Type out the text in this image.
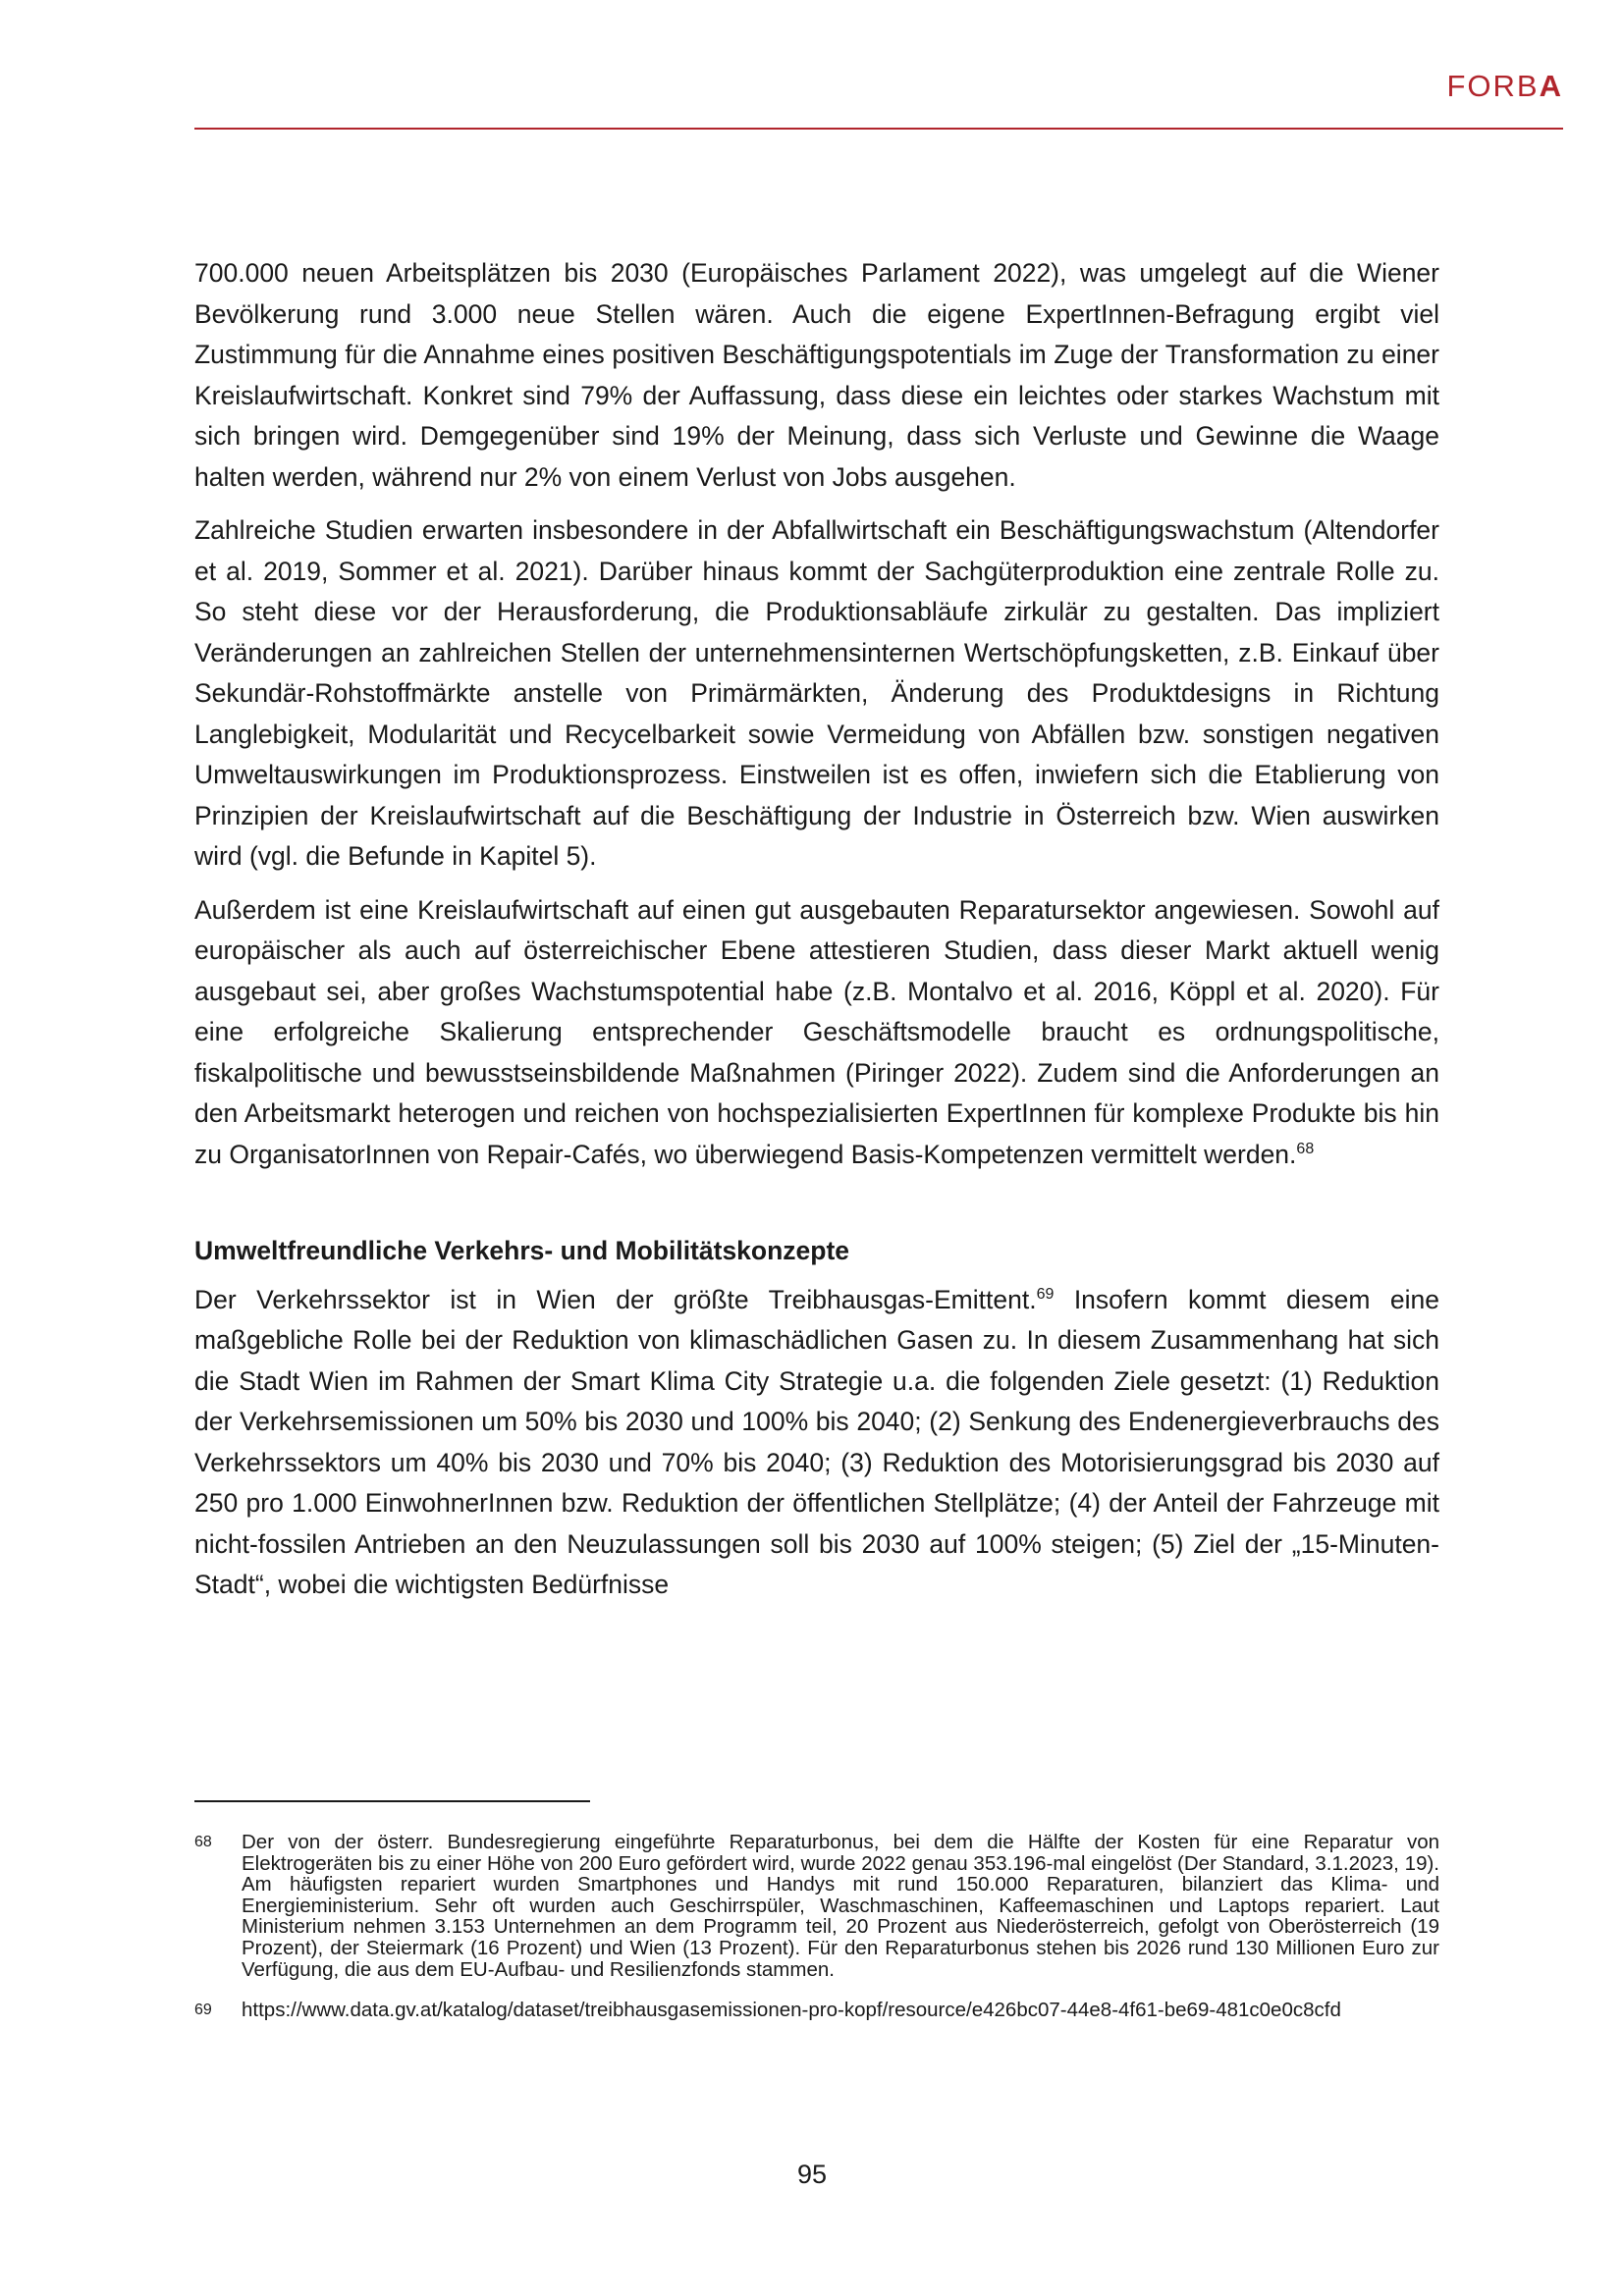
FORBA

700.000 neuen Arbeitsplätzen bis 2030 (Europäisches Parlament 2022), was umgelegt auf die Wiener Bevölkerung rund 3.000 neue Stellen wären. Auch die eigene ExpertInnen-Befragung ergibt viel Zustimmung für die Annahme eines positiven Beschäftigungspotentials im Zuge der Transformation zu einer Kreislaufwirtschaft. Konkret sind 79% der Auffassung, dass diese ein leichtes oder starkes Wachstum mit sich bringen wird. Demgegenüber sind 19% der Meinung, dass sich Verluste und Gewinne die Waage halten werden, während nur 2% von einem Verlust von Jobs ausgehen.

Zahlreiche Studien erwarten insbesondere in der Abfallwirtschaft ein Beschäftigungswachstum (Altendorfer et al. 2019, Sommer et al. 2021). Darüber hinaus kommt der Sachgüterproduktion eine zentrale Rolle zu. So steht diese vor der Herausforderung, die Produktionsabläufe zirkulär zu gestalten. Das impliziert Veränderungen an zahlreichen Stellen der unternehmensinternen Wertschöpfungsketten, z.B. Einkauf über Sekundär-Rohstoffmärkte anstelle von Primärmärkten, Änderung des Produktdesigns in Richtung Langlebigkeit, Modularität und Recycelbarkeit sowie Vermeidung von Abfällen bzw. sonstigen negativen Umweltauswirkungen im Produktionsprozess. Einstweilen ist es offen, inwiefern sich die Etablierung von Prinzipien der Kreislaufwirtschaft auf die Beschäftigung der Industrie in Österreich bzw. Wien auswirken wird (vgl. die Befunde in Kapitel 5).

Außerdem ist eine Kreislaufwirtschaft auf einen gut ausgebauten Reparatursektor angewiesen. Sowohl auf europäischer als auch auf österreichischer Ebene attestieren Studien, dass dieser Markt aktuell wenig ausgebaut sei, aber großes Wachstumspotential habe (z.B. Montalvo et al. 2016, Köppl et al. 2020). Für eine erfolgreiche Skalierung entsprechender Geschäftsmodelle braucht es ordnungspolitische, fiskalpolitische und bewusstseinsbildende Maßnahmen (Piringer 2022). Zudem sind die Anforderungen an den Arbeitsmarkt heterogen und reichen von hochspezialisierten ExpertInnen für komplexe Produkte bis hin zu OrganisatorInnen von Repair-Cafés, wo überwiegend Basis-Kompetenzen vermittelt werden.$^{68}$

Umweltfreundliche Verkehrs- und Mobilitätskonzepte

Der Verkehrssektor ist in Wien der größte Treibhausgas-Emittent.$^{69}$ Insofern kommt diesem eine maßgebliche Rolle bei der Reduktion von klimaschädlichen Gasen zu. In diesem Zusammenhang hat sich die Stadt Wien im Rahmen der Smart Klima City Strategie u.a. die folgenden Ziele gesetzt: (1) Reduktion der Verkehrsemissionen um 50% bis 2030 und 100% bis 2040; (2) Senkung des Endenergieverbrauchs des Verkehrssektors um 40% bis 2030 und 70% bis 2040; (3) Reduktion des Motorisierungsgrad bis 2030 auf 250 pro 1.000 EinwohnerInnen bzw. Reduktion der öffentlichen Stellplätze; (4) der Anteil der Fahrzeuge mit nicht-fossilen Antrieben an den Neuzulassungen soll bis 2030 auf 100% steigen; (5) Ziel der „15-Minuten-Stadt“, wobei die wichtigsten Bedürfnisse

68	Der von der österr. Bundesregierung eingeführte Reparaturbonus, bei dem die Hälfte der Kosten für eine Reparatur von Elektrogeräten bis zu einer Höhe von 200 Euro gefördert wird, wurde 2022 genau 353.196-mal eingelöst (Der Standard, 3.1.2023, 19). Am häufigsten repariert wurden Smartphones und Handys mit rund 150.000 Reparaturen, bilanziert das Klima- und Energieministerium. Sehr oft wurden auch Geschirrspüler, Waschmaschinen, Kaffeemaschinen und Laptops repariert. Laut Ministerium nehmen 3.153 Unternehmen an dem Programm teil, 20 Prozent aus Niederösterreich, gefolgt von Oberösterreich (19 Prozent), der Steiermark (16 Prozent) und Wien (13 Prozent). Für den Reparaturbonus stehen bis 2026 rund 130 Millionen Euro zur Verfügung, die aus dem EU-Aufbau- und Resilienzfonds stammen.
69	https://www.data.gv.at/katalog/dataset/treibhausgasemissionen-pro-kopf/resource/e426bc07-44e8-4f61-be69-481c0e0c8cfd
95
